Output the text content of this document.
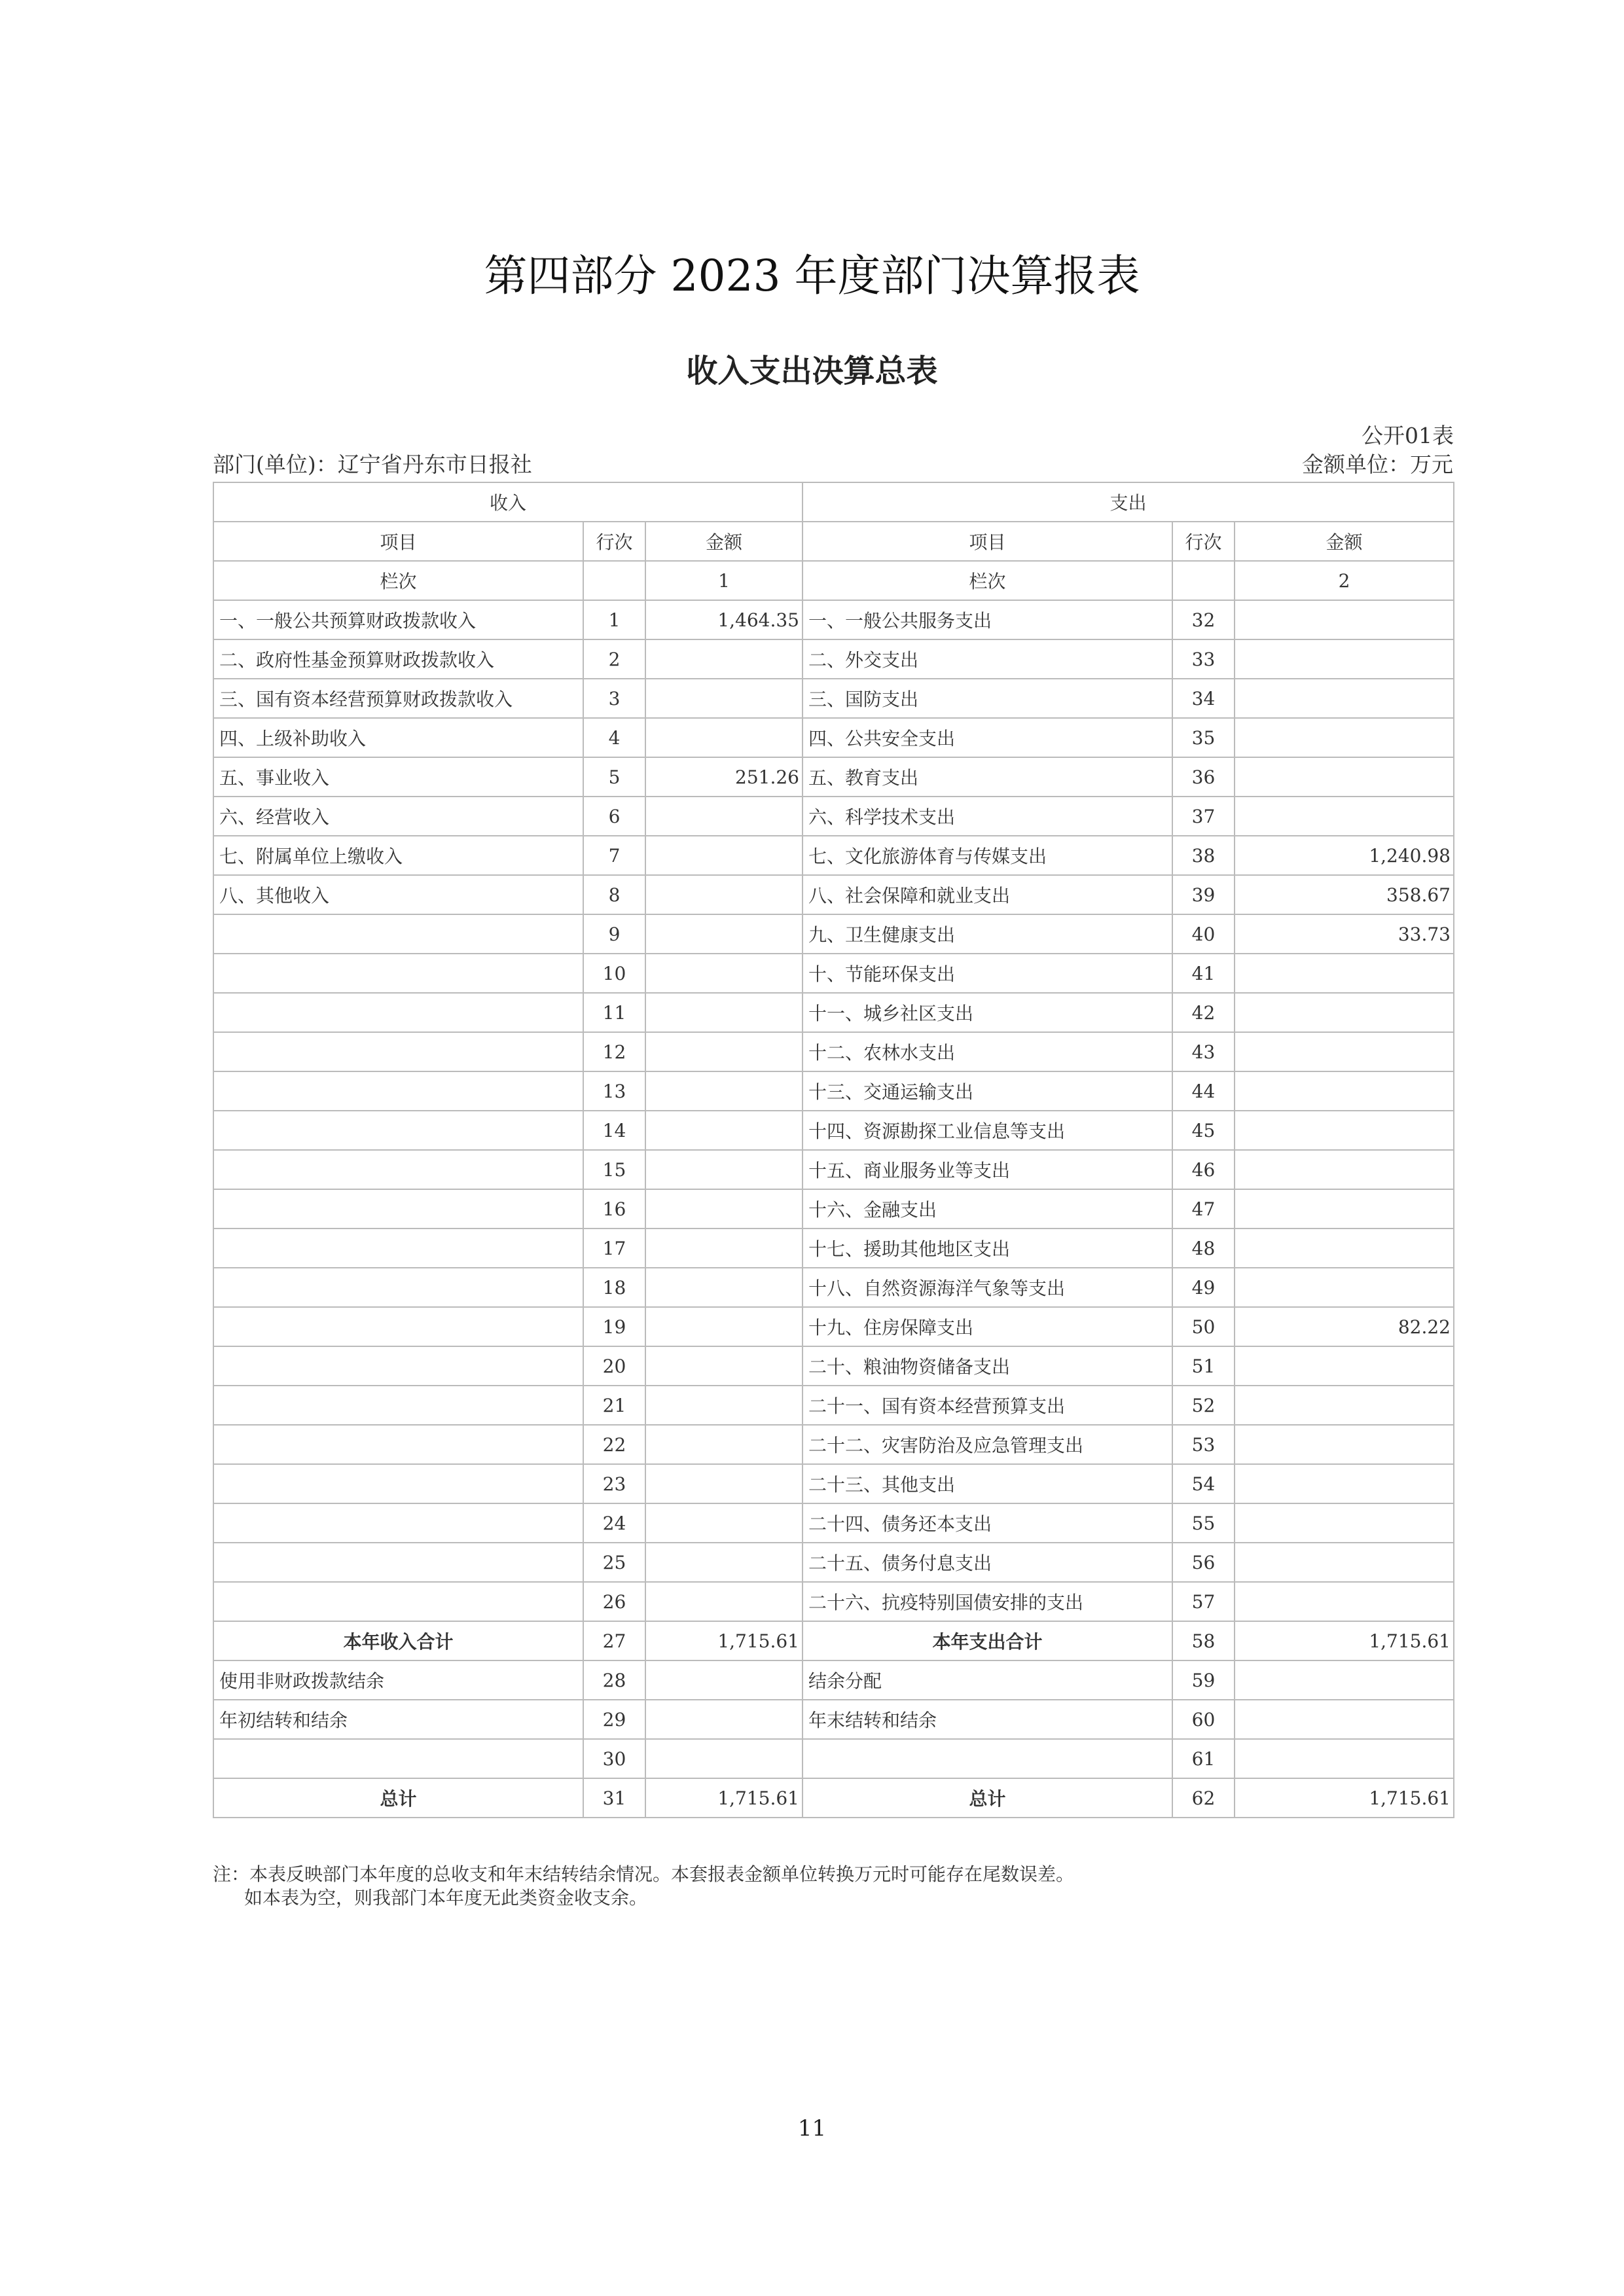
第四部分 2023 年度部门决算报表
收入支出决算总表
公开01表
部门(单位)：辽宁省丹东市日报社	金额单位：万元
收入			支出		
项目	行次	金额	项目	行次	金额
栏次		1	栏次		2
一、一般公共预算财政拨款收入	1	1,464.35	一、一般公共服务支出	32	
二、政府性基金预算财政拨款收入	2		二、外交支出	33	
三、国有资本经营预算财政拨款收入	3		三、国防支出	34	
四、上级补助收入	4		四、公共安全支出	35	
五、事业收入	5	251.26	五、教育支出	36	
六、经营收入	6		六、科学技术支出	37	
七、附属单位上缴收入	7		七、文化旅游体育与传媒支出	38	1,240.98
八、其他收入	8		八、社会保障和就业支出	39	358.67
	9		九、卫生健康支出	40	33.73
	10		十、节能环保支出	41	
	11		十一、城乡社区支出	42	
	12		十二、农林水支出	43	
	13		十三、交通运输支出	44	
	14		十四、资源勘探工业信息等支出	45	
	15		十五、商业服务业等支出	46	
	16		十六、金融支出	47	
	17		十七、援助其他地区支出	48	
	18		十八、自然资源海洋气象等支出	49	
	19		十九、住房保障支出	50	82.22
	20		二十、粮油物资储备支出	51	
	21		二十一、国有资本经营预算支出	52	
	22		二十二、灾害防治及应急管理支出	53	
	23		二十三、其他支出	54	
	24		二十四、债务还本支出	55	
	25		二十五、债务付息支出	56	
	26		二十六、抗疫特别国债安排的支出	57	
本年收入合计	27	1,715.61	本年支出合计	58	1,715.61
使用非财政拨款结余	28		结余分配	59	
年初结转和结余	29		年末结转和结余	60	
	30			61	
总计	31	1,715.61	总计	62	1,715.61
注：本表反映部门本年度的总收支和年末结转结余情况。本套报表金额单位转换万元时可能存在尾数误差。
如本表为空，则我部门本年度无此类资金收支余。
11
